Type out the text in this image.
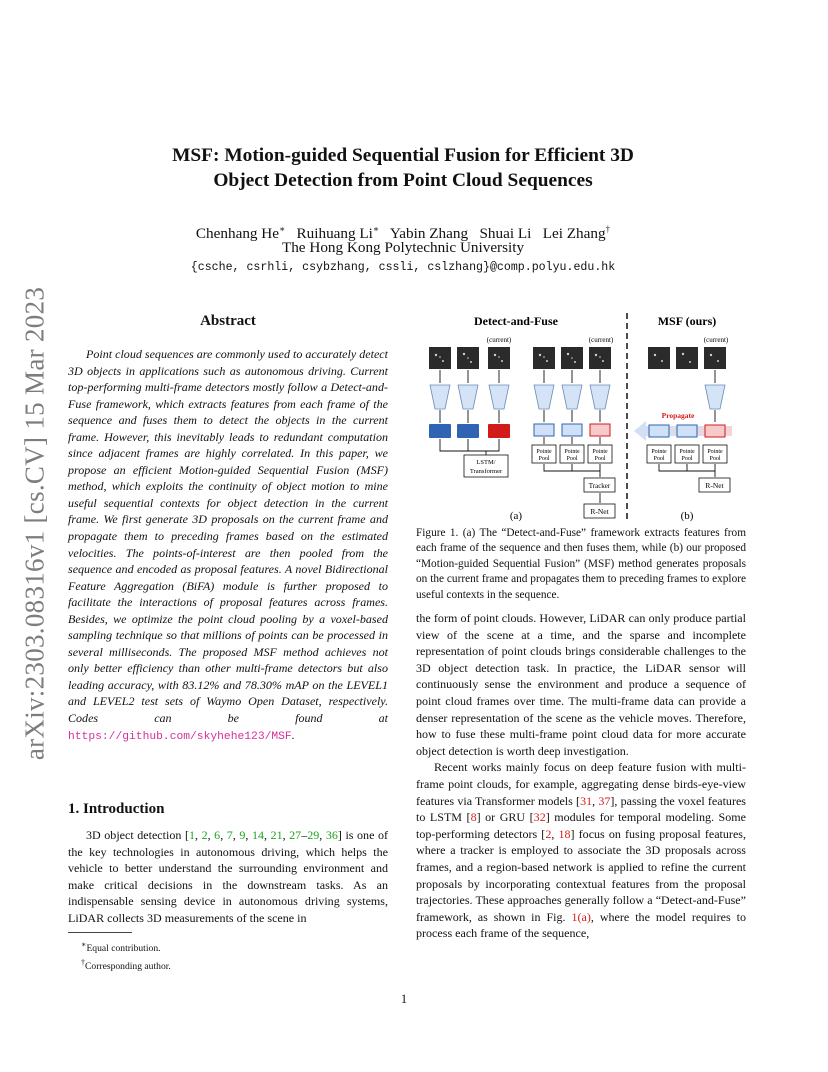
arXiv:2303.08316v1 [cs.CV] 15 Mar 2023
MSF: Motion-guided Sequential Fusion for Efficient 3D
Object Detection from Point Cloud Sequences
Chenhang He∗ Ruihuang Li∗ Yabin Zhang Shuai Li Lei Zhang†
The Hong Kong Polytechnic University
{csche, csrhli, csybzhang, cssli, cslzhang}@comp.polyu.edu.hk
Abstract
Point cloud sequences are commonly used to accurately detect 3D objects in applications such as autonomous driving. Current top-performing multi-frame detectors mostly follow a Detect-and-Fuse framework, which extracts features from each frame of the sequence and fuses them to detect the objects in the current frame. However, this inevitably leads to redundant computation since adjacent frames are highly correlated. In this paper, we propose an efficient Motion-guided Sequential Fusion (MSF) method, which exploits the continuity of object motion to mine useful sequential contexts for object detection in the current frame. We first generate 3D proposals on the current frame and propagate them to preceding frames based on the estimated velocities. The points-of-interest are then pooled from the sequence and encoded as proposal features. A novel Bidirectional Feature Aggregation (BiFA) module is further proposed to facilitate the interactions of proposal features across frames. Besides, we optimize the point cloud pooling by a voxel-based sampling technique so that millions of points can be processed in several milliseconds. The proposed MSF method achieves not only better efficiency than other multi-frame detectors but also leading accuracy, with 83.12% and 78.30% mAP on the LEVEL1 and LEVEL2 test sets of Waymo Open Dataset, respectively. Codes can be found at https://github.com/skyhehe123/MSF.
1. Introduction
3D object detection [1, 2, 6, 7, 9, 14, 21, 27–29, 36] is one of the key technologies in autonomous driving, which helps the vehicle to better understand the surrounding environment and make critical decisions in the downstream tasks. As an indispensable sensing device in autonomous driving systems, LiDAR collects 3D measurements of the scene in

∗Equal contribution.

†Corresponding author.

Detect-and-Fuse	MSF (ours)
(current)	(current)	(current)
LSTM/
Transformer
Pointe
Pool
Pointe
Pool
Pointe
Pool
Tracker
R-Net
Propagate
Pointe
Pool
Pointe
Pool
Pointe
Pool
R-Net
(a)	(b)
Figure 1. (a) The “Detect-and-Fuse” framework extracts features from each frame of the sequence and then fuses them, while (b) our proposed “Motion-guided Sequential Fusion” (MSF) method generates proposals on the current frame and propagates them to preceding frames to explore useful contexts in the sequence.

the form of point clouds. However, LiDAR can only produce partial view of the scene at a time, and the sparse and incomplete representation of point clouds brings considerable challenges to the 3D object detection task. In practice, the LiDAR sensor will continuously sense the environment and produce a sequence of point cloud frames over time. The multi-frame data can provide a denser representation of the scene as the vehicle moves. Therefore, how to fuse these multi-frame point cloud data for more accurate object detection is worth deep investigation.

Recent works mainly focus on deep feature fusion with multi-frame point clouds, for example, aggregating dense birds-eye-view features via Transformer models [31, 37], passing the voxel features to LSTM [8] or GRU [32] modules for temporal modeling. Some top-performing detectors [2, 18] focus on fusing proposal features, where a tracker is employed to associate the 3D proposals across frames, and a region-based network is applied to refine the current proposals by incorporating contextual features from the proposal trajectories. These approaches generally follow a “Detect-and-Fuse” framework, as shown in Fig. 1(a), where the model requires to process each frame of the sequence,

1
